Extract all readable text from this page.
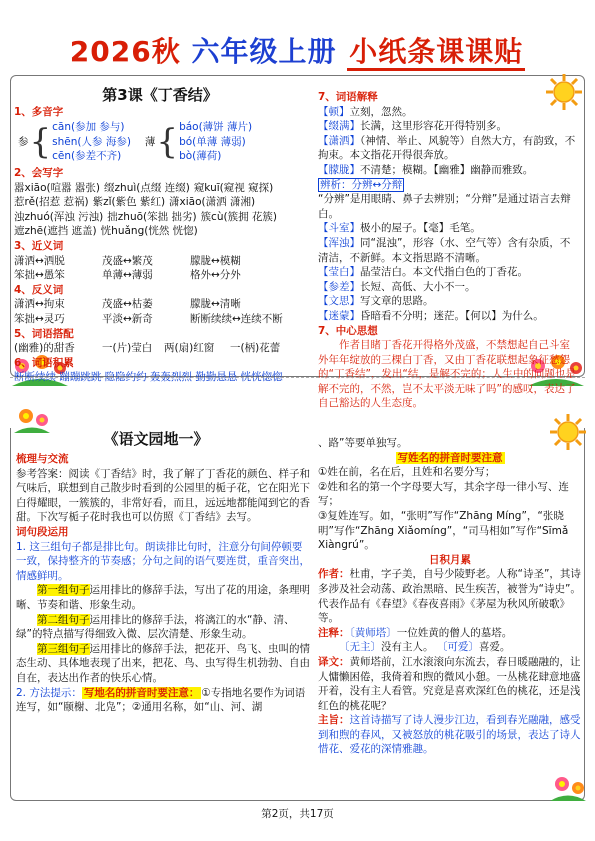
2026秋 六年级上册 小纸条课课贴
第3课《丁香结》
1、多音字
参 { cān(参加 参与)
shēn(人参 海参)
cēn(参差不齐)
薄 { báo(薄饼 薄片)
bó(单薄 薄弱)
bò(薄荷)
2、会写字
嚣xiāo(喧嚣 嚣张) 缀zhuì(点缀 连缀) 窥kuī(窥视 窥探)
惹rě(招惹 惹祸) 紫zǐ(紫色 紫红) 潇xiāo(潇洒 潇湘)
浊zhuó(浑浊 污浊) 拙zhuō(笨拙 拙劣) 簇cù(簇拥 花簇)
遮zhē(遮挡 遮盖) 恍huǎng(恍然 恍惚)
3、近义词
潇洒↔洒脱	茂盛↔繁茂	朦胧↔模糊
笨拙↔愚笨	单薄↔薄弱	格外↔分外
4、反义词
潇洒↔拘束	茂盛↔枯萎	朦胧↔清晰
笨拙↔灵巧	平淡↔新奇	断断续续↔连续不断
5、词语搭配
(幽雅)的甜香	一(片)莹白	两(扇)红窗	一(柄)花蕾
6、词语积累
断断续续 蹦蹦跳跳 隐隐约约 轰轰烈烈 勤勤恳恳 恍恍惚惚
7、词语解释
【顿】立刻，忽然。
【缀满】长满，这里形容花开得特别多。
【潇洒】（神情、举止、风貌等）自然大方，有韵致，不拘束。本文指花开得很奔放。
【朦胧】不清楚；模糊。【幽雅】幽静而雅致。
辨析：分辨↔分辩
“分辨”是用眼睛、鼻子去辨别；“分辩”是通过语言去辩白。
【斗室】极小的屋子。【毫】毛笔。
【浑浊】同“混浊”，形容（水、空气等）含有杂质，不清洁，不新鲜。本文指思路不清晰。
【莹白】晶莹洁白。本文代指白色的丁香花。
【参差】长短、高低、大小不一。
【文思】写文章的思路。
【迷蒙】昏暗看不分明；迷茫。【何以】为什么。
7、中心思想
作者目睹丁香花开得格外茂盛，不禁想起自己斗室外年年绽放的三棵白丁香，又由丁香花联想起象征愁怨的“丁香结”，发出“结，是解不完的；人生中的问题也是解不完的，不然，岂不太平淡无味了吗”的感叹，表达了自己豁达的人生态度。
《语文园地一》
梳理与交流
参考答案：阅读《丁香结》时，我了解了丁香花的颜色、样子和气味后，联想到自己散步时看到的公园里的栀子花，它在阳光下白得耀眼，一簇簇的，非常好看，而且，远远地都能闻到它的香甜。下次写栀子花时我也可以仿照《丁香结》去写。
词句段运用
1. 这三组句子都是排比句。朗读排比句时，注意分句间停顿要一致，保持整齐的节奏感；分句之间的语气要连贯，重音突出，情感鲜明。
第一组句子运用排比的修辞手法，写出了花的用途，条理明晰、节奏和谐、形象生动。
第二组句子运用排比的修辞手法，将漓江的水“静、清、绿”的特点描写得细致入微、层次清楚、形象生动。
第三组句子运用排比的修辞手法，把花开、鸟飞、虫叫的情态生动、具体地表现了出来，把花、鸟、虫写得生机勃勃、自由自在，表达出作者的快乐心情。
2. 方法提示： 写地名的拼音时要注意： ①专指地名要作为词语连写，如“颐榭、北凫”；②通用名称，如“山、河、湖
、路”等要单独写。
写姓名的拼音时要注意
①姓在前，名在后，且姓和名要分写；
②姓和名的第一个字母要大写，其余字母一律小写、连写；
③复姓连写。如，“张明”写作“Zhāng Míng”，“张晓明”写作“Zhāng Xiǎomíng”，“司马相如”写作“Sīmǎ Xiàngrú”。
日积月累
作者：杜甫，字子美，自号少陵野老。人称“诗圣”，其诗多涉及社会动荡、政治黑暗、民生疾苦，被誉为“诗史”。代表作品有《春望》《春夜喜雨》《茅屋为秋风所破歌》等。
注释：〔黄师塔〕一位姓黄的僧人的墓塔。
〔无主〕没有主人。 〔可爱〕喜爱。
译文：黄师塔前，江水滚滚向东流去，春日暖融融的，让人慵懒困倦，我倚着和煦的微风小憩。一丛桃花肆意地盛开着，没有主人看管。究竟是喜欢深红色的桃花，还是浅红色的桃花呢？
主旨：这首诗描写了诗人漫步江边，看到春光融融，感受到和煦的春风，又被怒放的桃花吸引的场景，表达了诗人惜花、爱花的深情雅趣。
第2页，共17页
